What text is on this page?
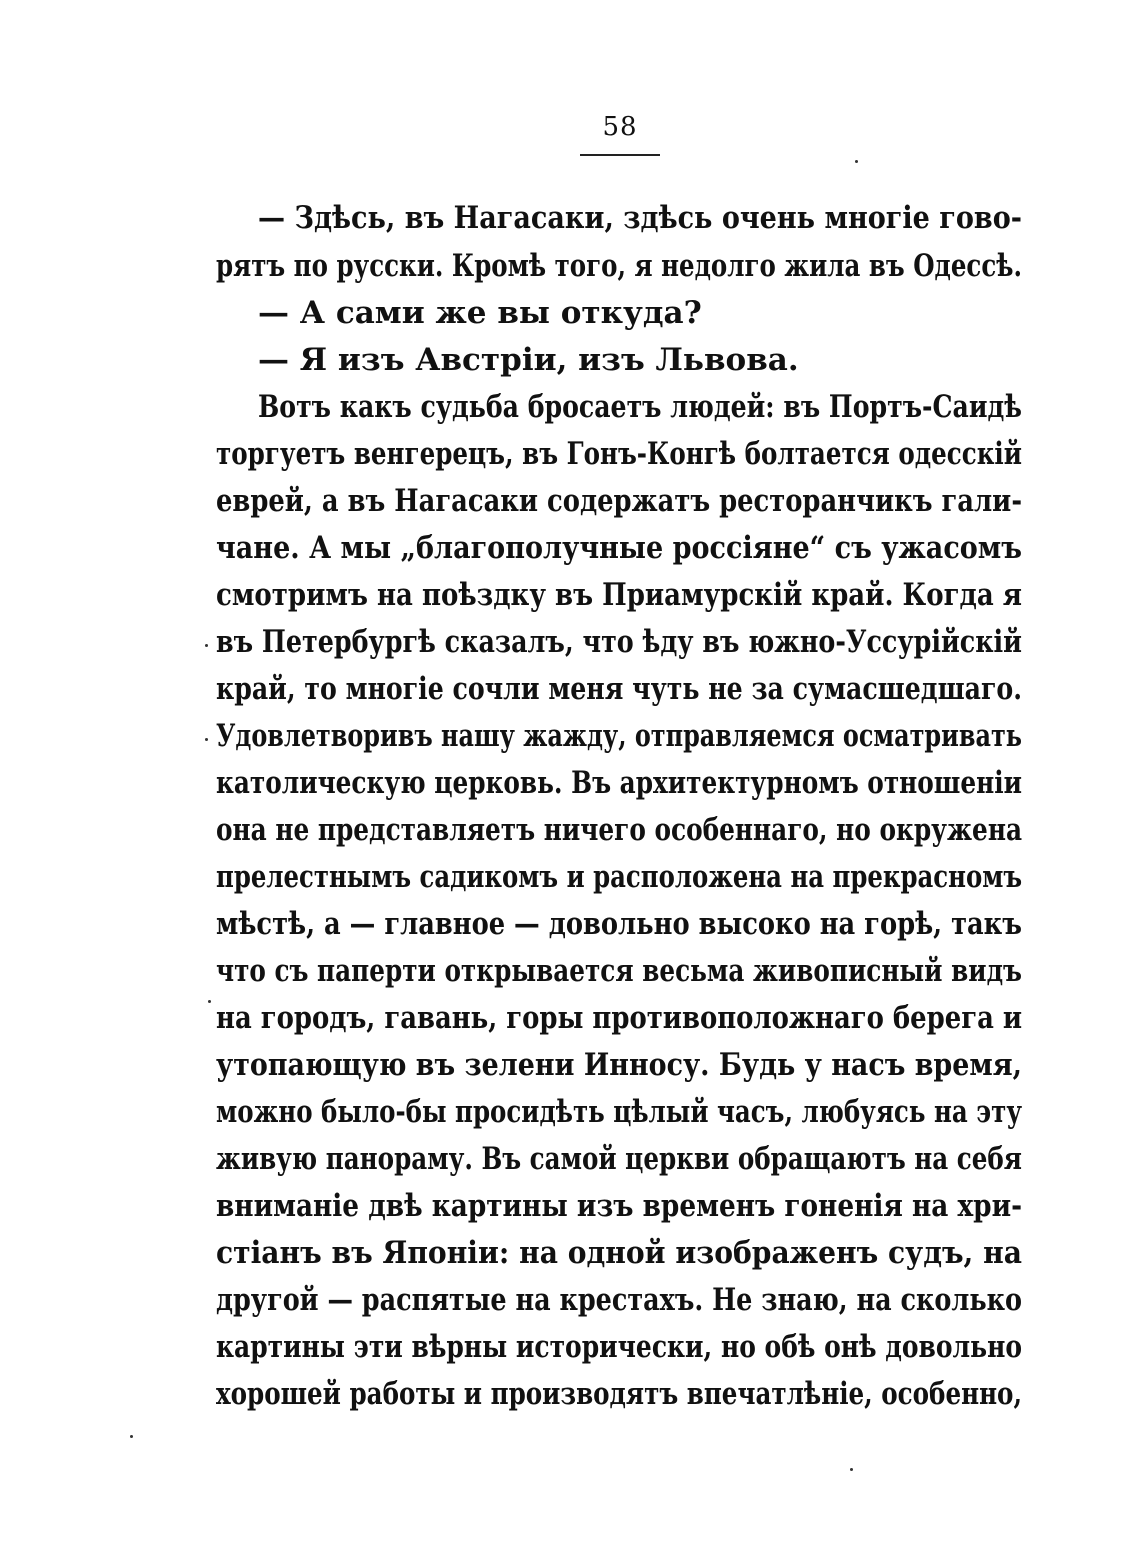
58
— Здѣсь, въ Нагасаки, здѣсь очень многіе гово-
рятъ по русски. Кромѣ того, я недолго жила въ Одессѣ.
— А сами же вы откуда?
— Я изъ Австріи, изъ Львова.
Вотъ какъ судьба бросаетъ людей: въ Портъ-Саидѣ
торгуетъ венгерецъ, въ Гонъ-Конгѣ болтается одесскій
еврей, а въ Нагасаки содержатъ ресторанчикъ гали-
чане. А мы „благополучные россіяне“ съ ужасомъ
смотримъ на поѣздку въ Приамурскій край. Когда я
въ Петербургѣ сказалъ, что ѣду въ южно-Уссурійскій
край, то многіе сочли меня чуть не за сумасшедшаго.
Удовлетворивъ нашу жажду, отправляемся осматривать
католическую церковь. Въ архитектурномъ отношеніи
она не представляетъ ничего особеннаго, но окружена
прелестнымъ садикомъ и расположена на прекрасномъ
мѣстѣ, а — главное — довольно высоко на горѣ, такъ
что съ паперти открывается весьма живописный видъ
на городъ, гавань, горы противоположнаго берега и
утопающую въ зелени Инносу. Будь у насъ время,
можно было-бы просидѣть цѣлый часъ, любуясь на эту
живую панораму. Въ самой церкви обращаютъ на себя
вниманіе двѣ картины изъ временъ гоненія на хри-
стіанъ въ Японіи: на одной изображенъ судъ, на
другой — распятые на крестахъ. Не знаю, на сколько
картины эти вѣрны исторически, но обѣ онѣ довольно
хорошей работы и производятъ впечатлѣніе, особенно,
